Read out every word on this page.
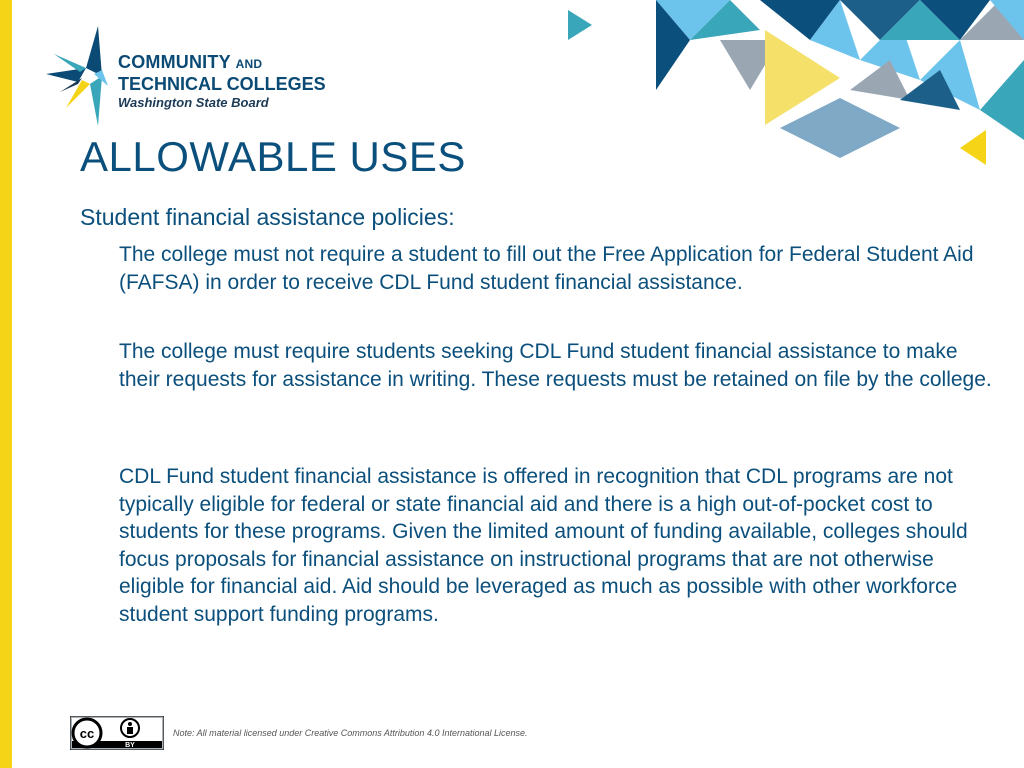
COMMUNITY AND
TECHNICAL COLLEGES
Washington State Board
ALLOWABLE USES
Student financial assistance policies:

The college must not require a student to fill out the Free Application for Federal Student Aid (FAFSA) in order to receive CDL Fund student financial assistance.

The college must require students seeking CDL Fund student financial assistance to make their requests for assistance in writing. These requests must be retained on file by the college.

CDL Fund student financial assistance is offered in recognition that CDL programs are not typically eligible for federal or state financial aid and there is a high out-of-pocket cost to students for these programs. Given the limited amount of funding available, colleges should focus proposals for financial assistance on instructional programs that are not otherwise eligible for financial aid. Aid should be leveraged as much as possible with other workforce student support funding programs.

cc
BY
Note: All material licensed under Creative Commons Attribution 4.0 International License.
